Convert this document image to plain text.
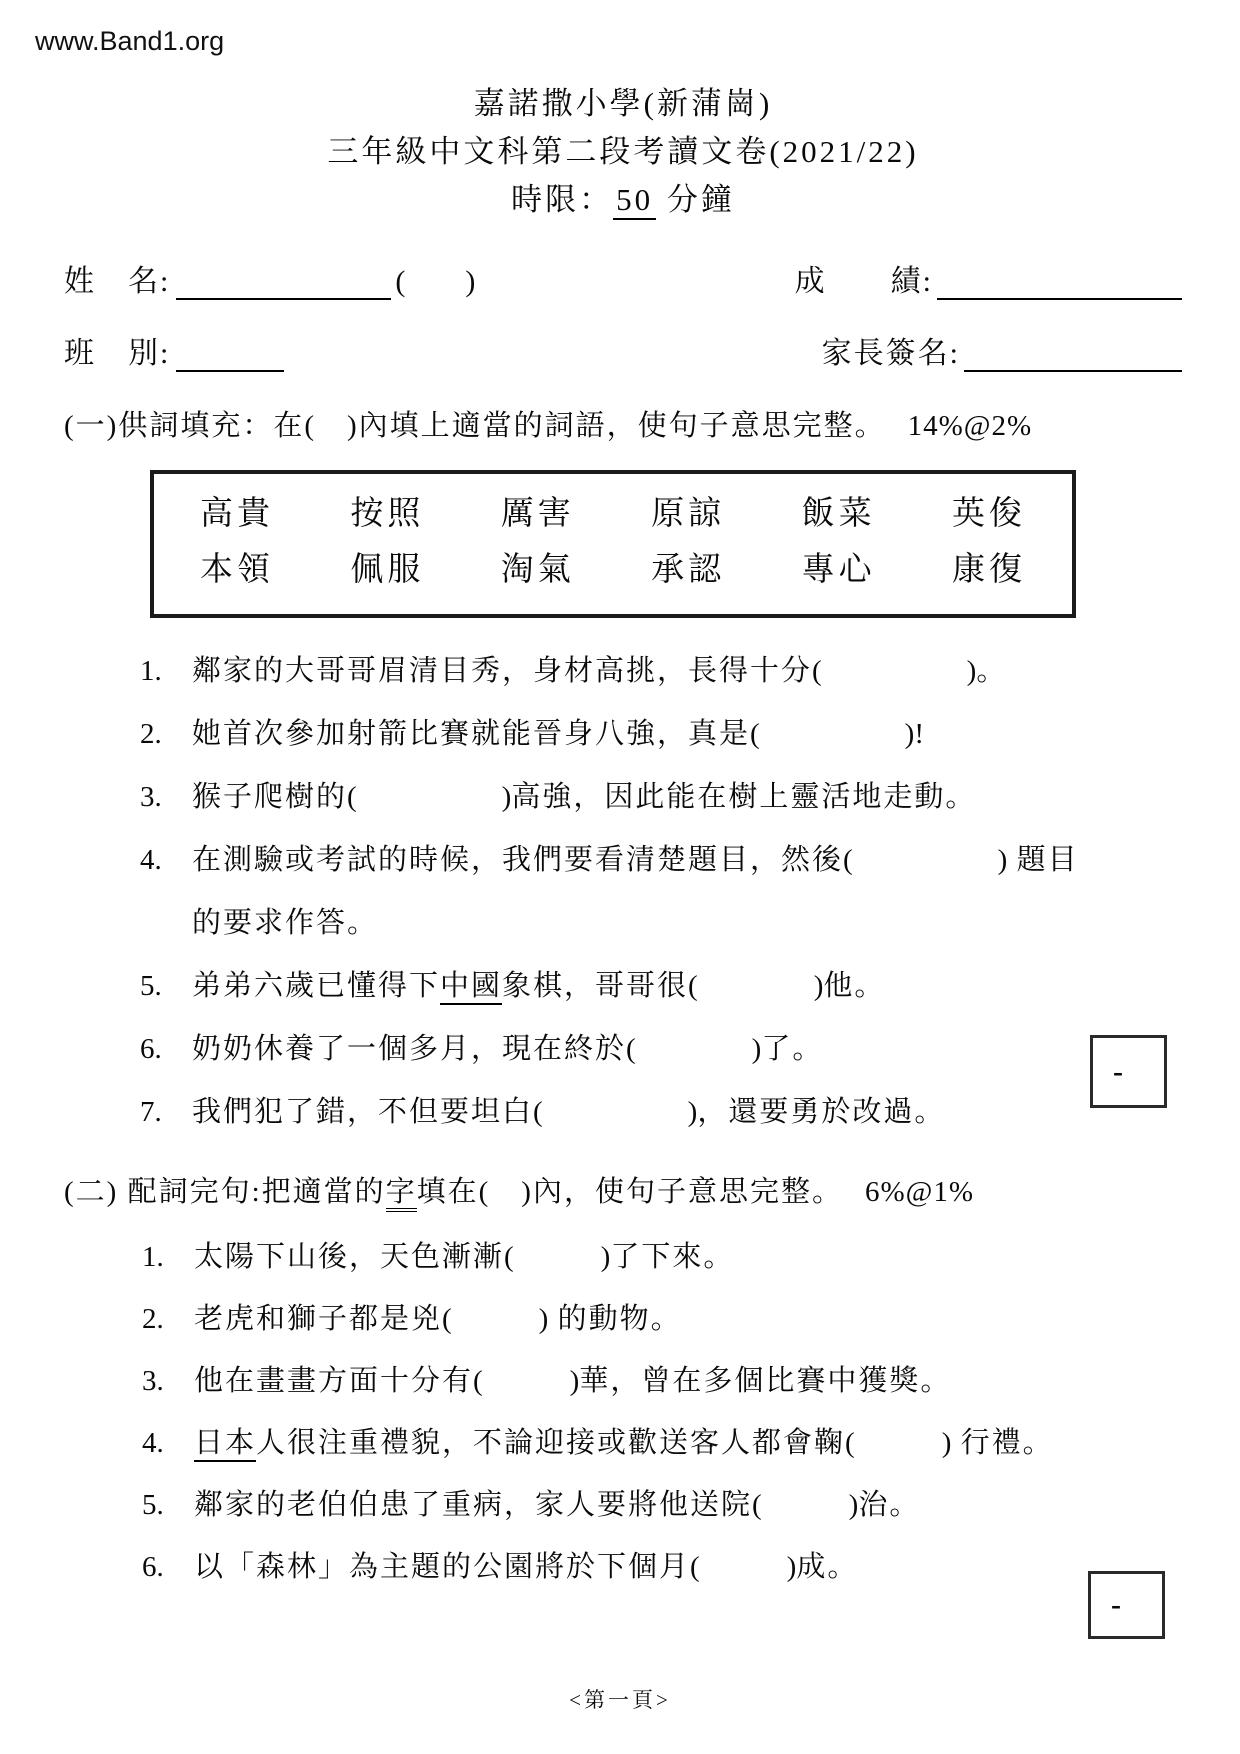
www.Band1.org
嘉諾撒小學(新蒲崗)
三年級中文科第二段考讀文卷(2021/22)
時限：50 分鐘
姓　名:	(　　)	成　　績:
班　別:	家長簽名:
(一)供詞填充：在(　)內填上適當的詞語，使句子意思完整。 14%@2%
高貴 按照 厲害 原諒 飯菜 英俊
本領 佩服 淘氣 承認 專心 康復
1.	鄰家的大哥哥眉清目秀，身材高挑，長得十分(　　　　　)。
2.	她首次參加射箭比賽就能晉身八強，真是(　　　　　)!
3.	猴子爬樹的(　　　　　)高強，因此能在樹上靈活地走動。
4.	在測驗或考試的時候，我們要看清楚題目，然後(　　　　　) 題目
的要求作答。
5.	弟弟六歲已懂得下中國象棋，哥哥很(　　　　)他。
6.	奶奶休養了一個多月，現在終於(　　　　)了。
7.	我們犯了錯，不但要坦白(　　　　　)，還要勇於改過。
-
(二) 配詞完句:把適當的字填在(　)內，使句子意思完整。 6%@1%
1.	太陽下山後，天色漸漸(　　　)了下來。
2.	老虎和獅子都是兇(　　　) 的動物。
3.	他在畫畫方面十分有(　　　)華，曾在多個比賽中獲獎。
4.	日本人很注重禮貌，不論迎接或歡送客人都會鞠(　　　) 行禮。
5.	鄰家的老伯伯患了重病，家人要將他送院(　　　)治。
6.	以「森林」為主題的公園將於下個月(　　　)成。
-
<第一頁>
